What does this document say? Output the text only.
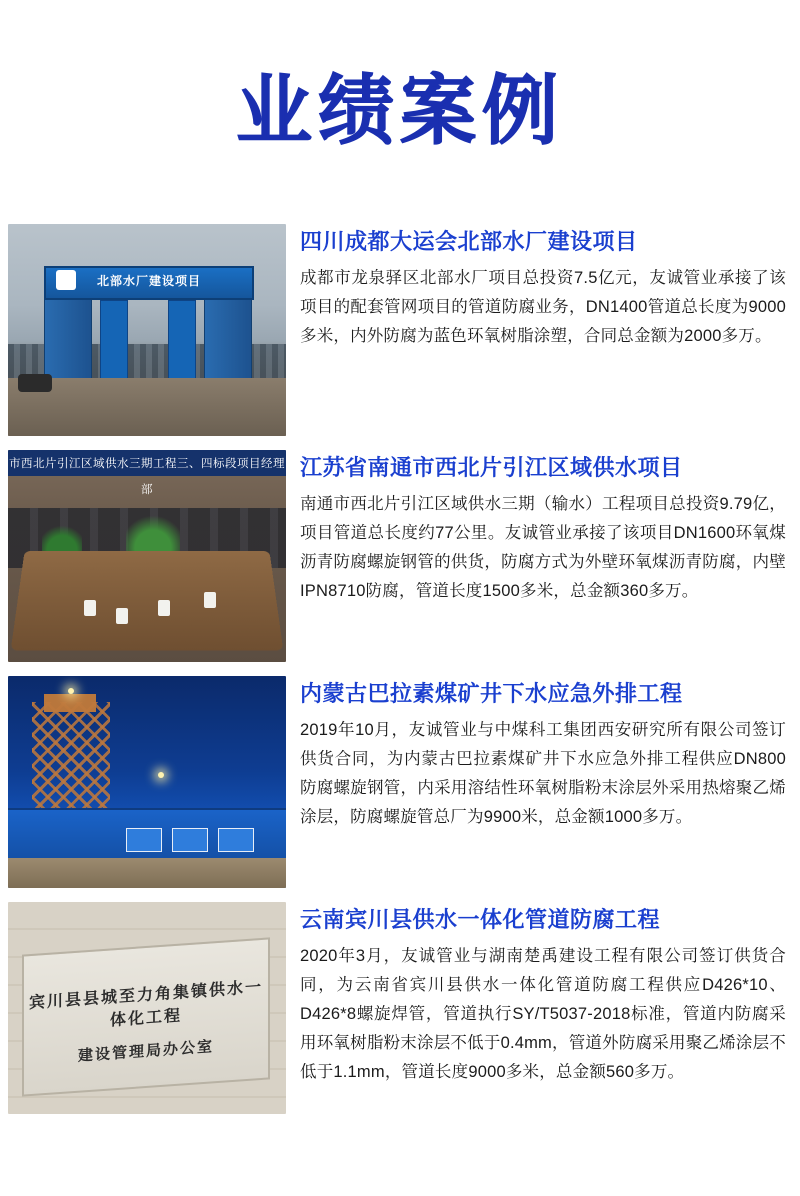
业绩案例
北部水厂建设项目
四川成都大运会北部水厂建设项目
成都市龙泉驿区北部水厂项目总投资7.5亿元，友诚管业承接了该项目的配套管网项目的管道防腐业务，DN1400管道总长度为9000多米，内外防腐为蓝色环氧树脂涂塑，合同总金额为2000多万。
市西北片引江区域供水三期工程三、四标段项目经理部
江苏省南通市西北片引江区域供水项目
南通市西北片引江区域供水三期（输水）工程项目总投资9.79亿，项目管道总长度约77公里。友诚管业承接了该项目DN1600环氧煤沥青防腐螺旋钢管的供货，防腐方式为外壁环氧煤沥青防腐，内壁IPN8710防腐，管道长度1500多米，总金额360多万。
内蒙古巴拉素煤矿井下水应急外排工程
2019年10月，友诚管业与中煤科工集团西安研究所有限公司签订供货合同，为内蒙古巴拉素煤矿井下水应急外排工程供应DN800防腐螺旋钢管，内采用溶结性环氧树脂粉末涂层外采用热熔聚乙烯涂层，防腐螺旋管总厂为9900米，总金额1000多万。
宾川县县城至力角集镇供水一体化工程
建设管理局办公室
云南宾川县供水一体化管道防腐工程
2020年3月，友诚管业与湖南楚禹建设工程有限公司签订供货合同，为云南省宾川县供水一体化管道防腐工程供应D426*10、D426*8螺旋焊管，管道执行SY/T5037-2018标准，管道内防腐采用环氧树脂粉末涂层不低于0.4mm，管道外防腐采用聚乙烯涂层不低于1.1mm，管道长度9000多米，总金额560多万。
